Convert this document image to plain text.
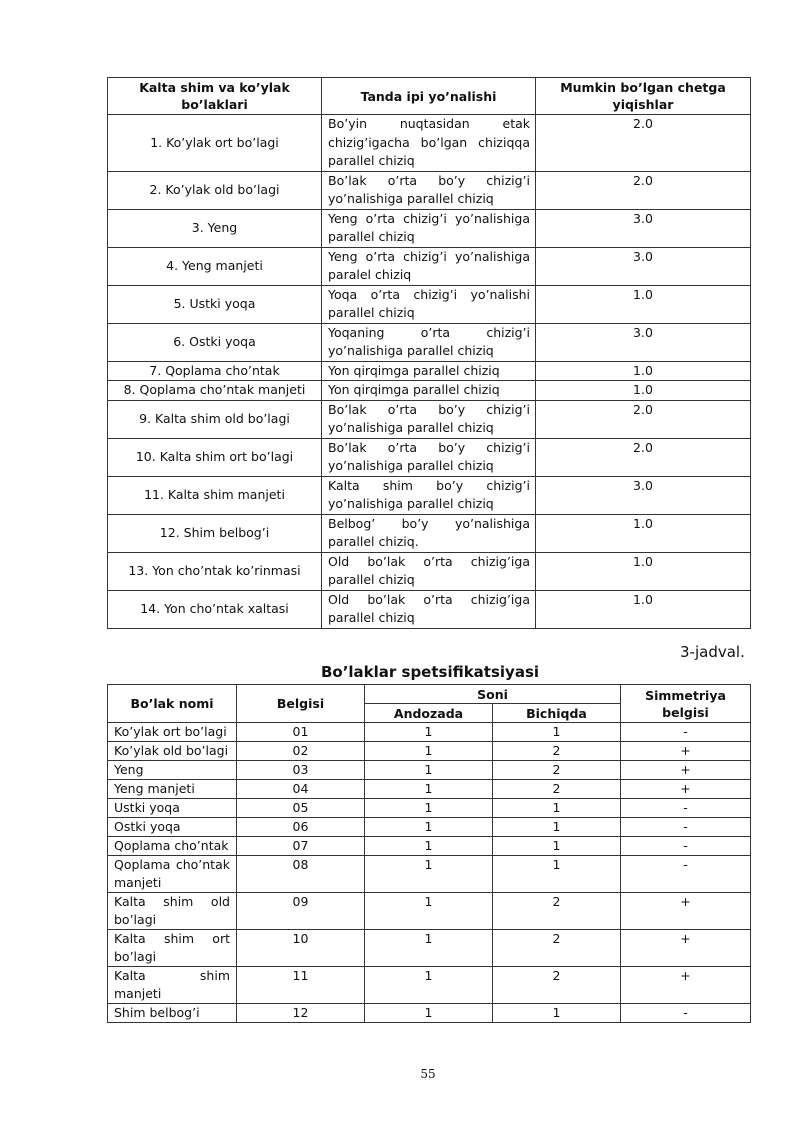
Kalta shim va ko’ylak bo’laklari	Tanda ipi yo’nalishi	Mumkin bo’lgan chetga yiqishlar
1. Ko’ylak ort bo’lagi	Bo’yin nuqtasidan etak chizig’igacha bo’lgan chiziqqa parallel chiziq	2.0
2. Ko’ylak old bo’lagi	Bo’lak o’rta bo’y chizig’i yo’nalishiga parallel chiziq	2.0
3. Yeng	Yeng o’rta chizig’i yo’nalishiga parallel chiziq	3.0
4. Yeng manjeti	Yeng o’rta chizig’i yo’nalishiga paralel chiziq	3.0
5. Ustki yoqa	Yoqa o’rta chizig’i yo’nalishi parallel chiziq	1.0
6. Ostki yoqa	Yoqaning o’rta chizig’i yo’nalishiga parallel chiziq	3.0
7. Qoplama cho’ntak	Yon qirqimga parallel chiziq	1.0
8. Qoplama cho’ntak manjeti	Yon qirqimga parallel chiziq	1.0
9. Kalta shim old bo’lagi	Bo’lak o’rta bo’y chizig’i yo’nalishiga parallel chiziq	2.0
10. Kalta shim ort bo’lagi	Bo’lak o’rta bo’y chizig’i yo’nalishiga parallel chiziq	2.0
11. Kalta shim manjeti	Kalta shim bo’y chizig’i yo’nalishiga parallel chiziq	3.0
12. Shim belbog’i	Belbog’ bo’y yo’nalishiga parallel chiziq.	1.0
13. Yon cho’ntak ko’rinmasi	Old bo’lak o’rta chizig’iga parallel chiziq	1.0
14. Yon cho’ntak xaltasi	Old bo’lak o’rta chizig’iga parallel chiziq	1.0
3-jadval.
Bo’laklar spetsifikatsiyasi
Bo’lak nomi	Belgisi	Soni		Simmetriya belgisi
		Andozada	Bichiqda	
Ko’ylak ort bo’lagi	01	1	1	-
Ko’ylak old bo’lagi	02	1	2	+
Yeng	03	1	2	+
Yeng manjeti	04	1	2	+
Ustki yoqa	05	1	1	-
Ostki yoqa	06	1	1	-
Qoplama cho’ntak	07	1	1	-
Qoplama cho’ntak manjeti	08	1	1	-
Kalta shim old bo’lagi	09	1	2	+
Kalta shim ort bo’lagi	10	1	2	+
Kalta shim manjeti	11	1	2	+
Shim belbog’i	12	1	1	-
55
